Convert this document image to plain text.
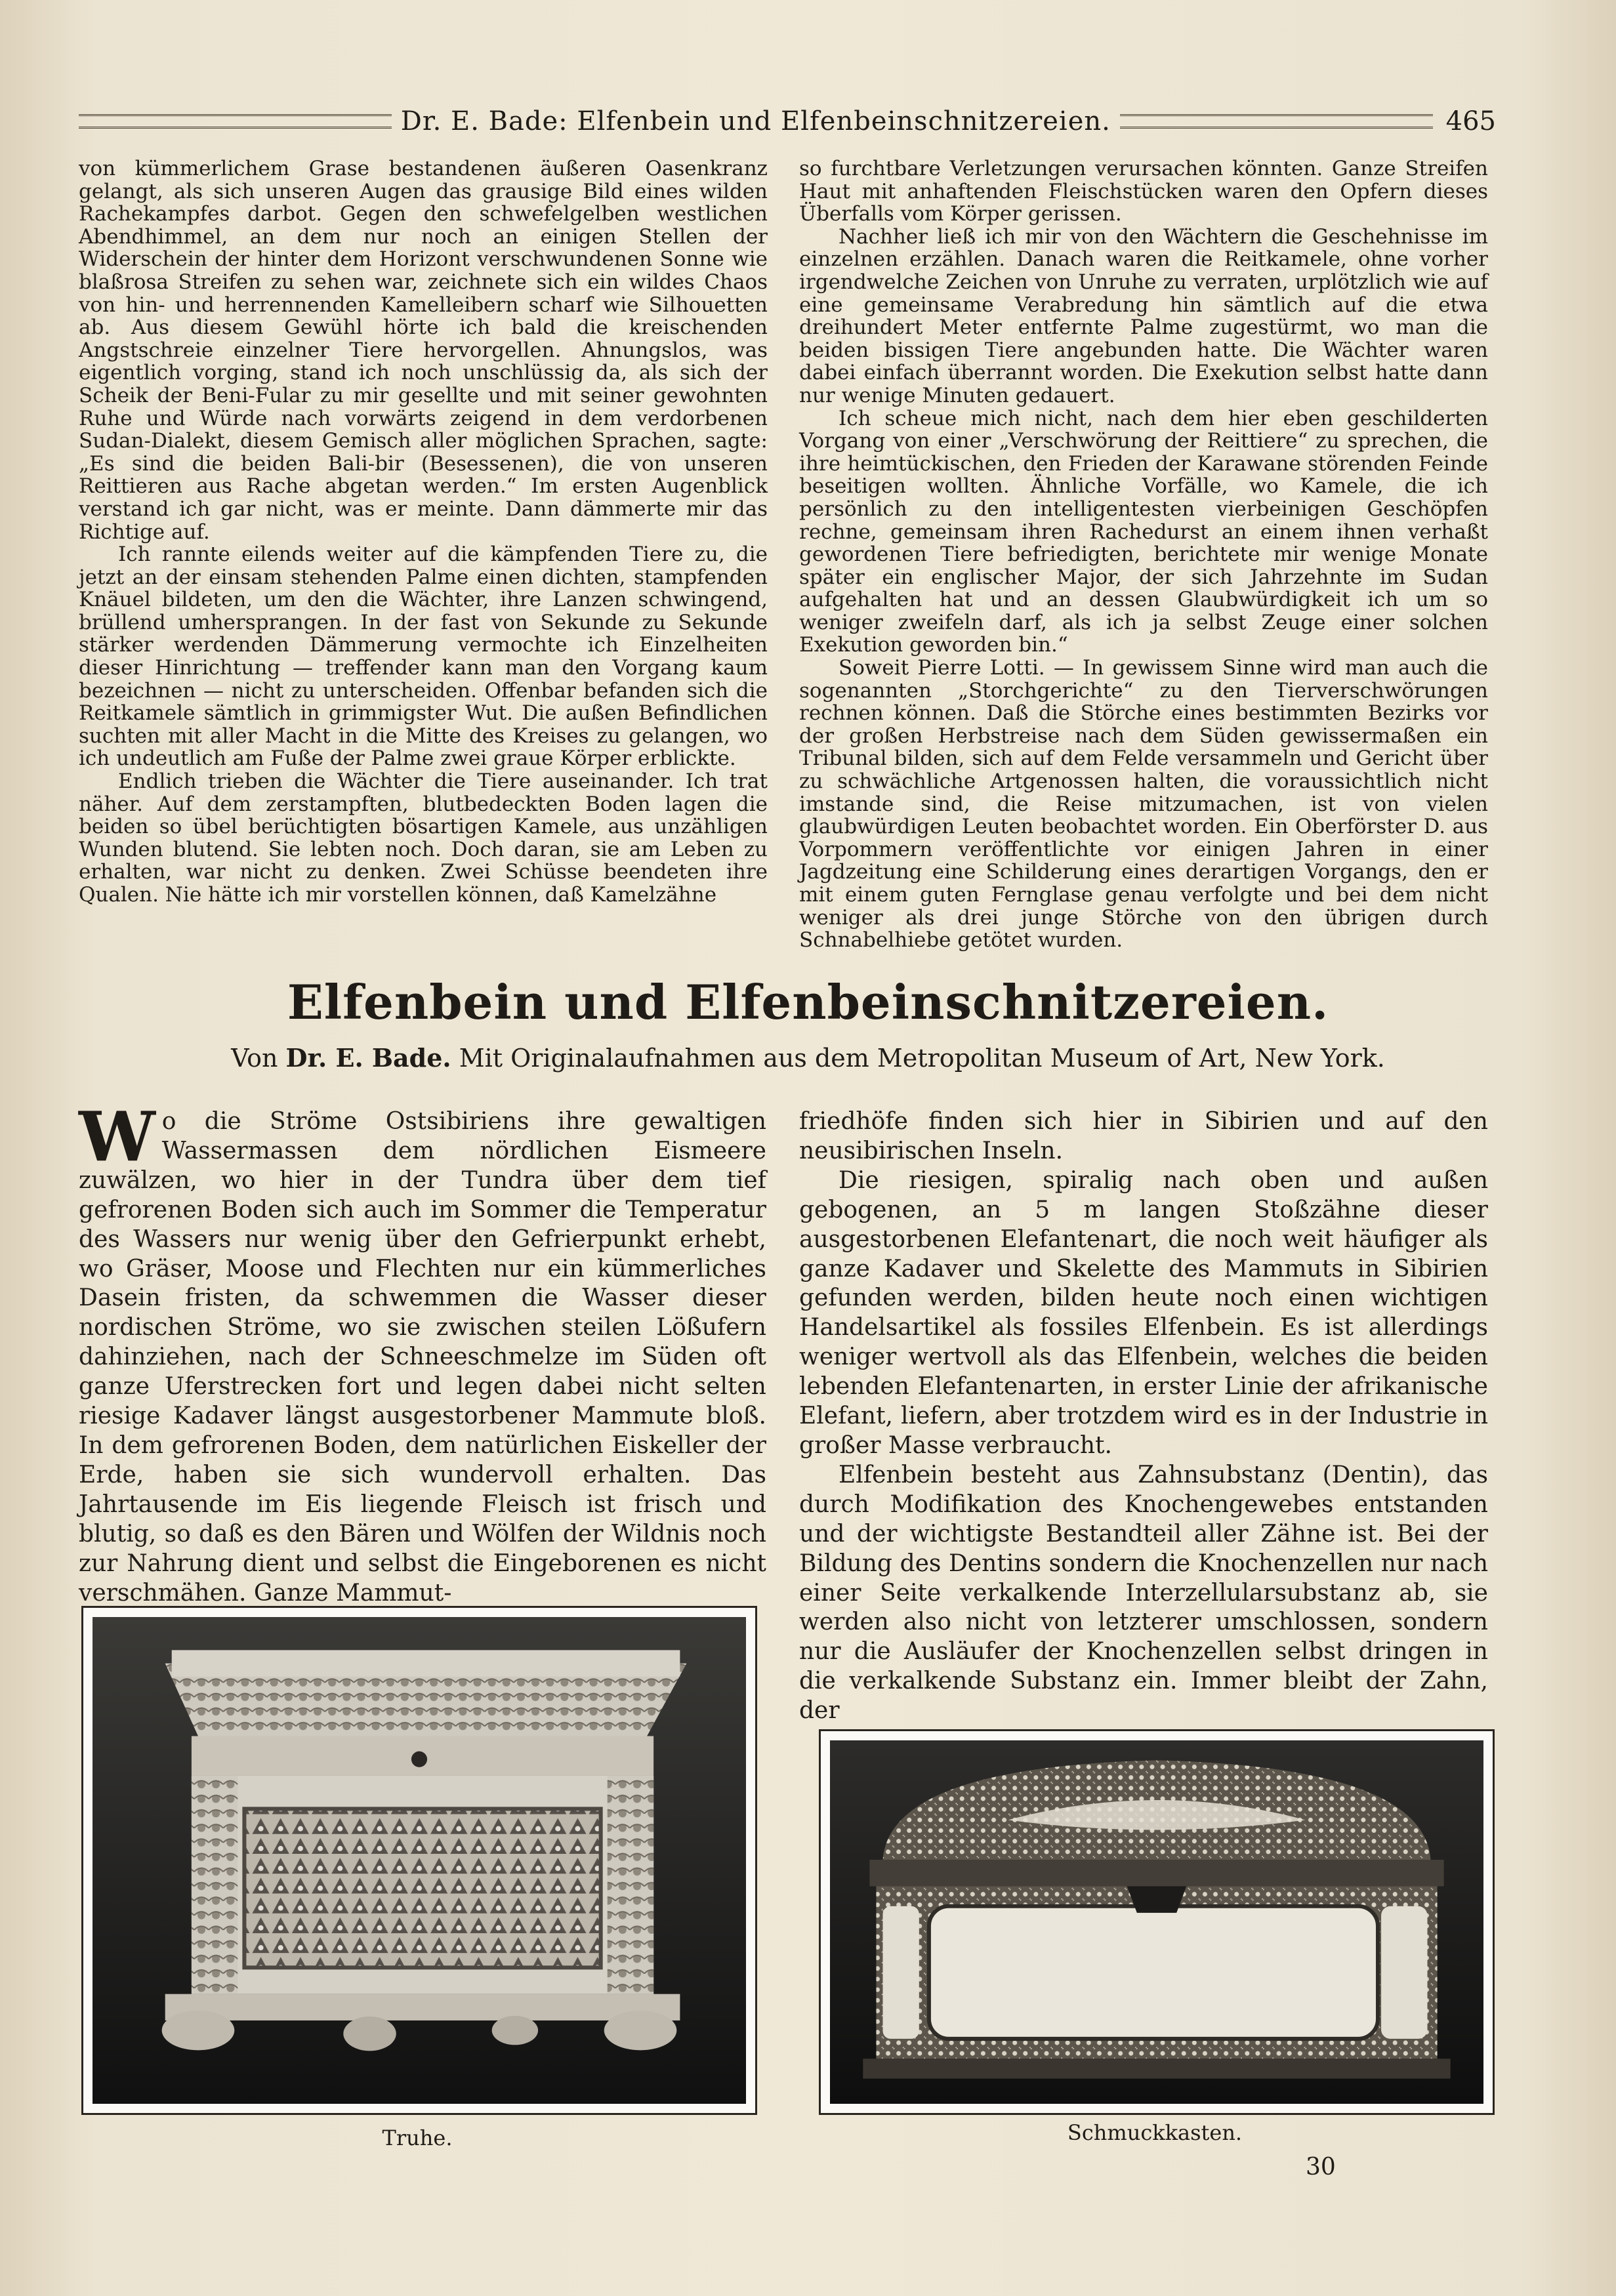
Dr. E. Bade: Elfenbein und Elfenbeinschnitzereien.	465

von kümmerlichem Grase bestandenen äußeren Oasenkranz gelangt, als sich unseren Augen das grausige Bild eines wilden Rachekampfes darbot. Gegen den schwefelgelben westlichen Abendhimmel, an dem nur noch an einigen Stellen der Widerschein der hinter dem Horizont verschwundenen Sonne wie blaßrosa Streifen zu sehen war, zeichnete sich ein wildes Chaos von hin- und herrennenden Kamelleibern scharf wie Silhouetten ab. Aus diesem Gewühl hörte ich bald die kreischenden Angstschreie einzelner Tiere hervorgellen. Ahnungslos, was eigentlich vorging, stand ich noch unschlüssig da, als sich der Scheik der Beni-Fular zu mir gesellte und mit seiner gewohnten Ruhe und Würde nach vorwärts zeigend in dem verdorbenen Sudan-Dialekt, diesem Gemisch aller möglichen Sprachen, sagte: „Es sind die beiden Bali-bir (Besessenen), die von unseren Reittieren aus Rache abgetan werden.“ Im ersten Augenblick verstand ich gar nicht, was er meinte. Dann dämmerte mir das Richtige auf.

Ich rannte eilends weiter auf die kämpfenden Tiere zu, die jetzt an der einsam stehenden Palme einen dichten, stampfenden Knäuel bildeten, um den die Wächter, ihre Lanzen schwingend, brüllend umhersprangen. In der fast von Sekunde zu Sekunde stärker werdenden Dämmerung vermochte ich Einzelheiten dieser Hinrichtung — treffender kann man den Vorgang kaum bezeichnen — nicht zu unterscheiden. Offenbar befanden sich die Reitkamele sämtlich in grimmigster Wut. Die außen Befindlichen suchten mit aller Macht in die Mitte des Kreises zu gelangen, wo ich undeutlich am Fuße der Palme zwei graue Körper erblickte.

Endlich trieben die Wächter die Tiere auseinander. Ich trat näher. Auf dem zerstampften, blutbedeckten Boden lagen die beiden so übel berüchtigten bösartigen Kamele, aus unzähligen Wunden blutend. Sie lebten noch. Doch daran, sie am Leben zu erhalten, war nicht zu denken. Zwei Schüsse beendeten ihre Qualen. Nie hätte ich mir vorstellen können, daß Kamelzähne

so furchtbare Verletzungen verursachen könnten. Ganze Streifen Haut mit anhaftenden Fleischstücken waren den Opfern dieses Überfalls vom Körper gerissen.

Nachher ließ ich mir von den Wächtern die Geschehnisse im einzelnen erzählen. Danach waren die Reitkamele, ohne vorher irgendwelche Zeichen von Unruhe zu verraten, urplötzlich wie auf eine gemeinsame Verabredung hin sämtlich auf die etwa dreihundert Meter entfernte Palme zugestürmt, wo man die beiden bissigen Tiere angebunden hatte. Die Wächter waren dabei einfach überrannt worden. Die Exekution selbst hatte dann nur wenige Minuten gedauert.

Ich scheue mich nicht, nach dem hier eben geschilderten Vorgang von einer „Verschwörung der Reittiere“ zu sprechen, die ihre heimtückischen, den Frieden der Karawane störenden Feinde beseitigen wollten. Ähnliche Vorfälle, wo Kamele, die ich persönlich zu den intelligentesten vierbeinigen Geschöpfen rechne, gemeinsam ihren Rachedurst an einem ihnen verhaßt gewordenen Tiere befriedigten, berichtete mir wenige Monate später ein englischer Major, der sich Jahrzehnte im Sudan aufgehalten hat und an dessen Glaubwürdigkeit ich um so weniger zweifeln darf, als ich ja selbst Zeuge einer solchen Exekution geworden bin.“

Soweit Pierre Lotti. — In gewissem Sinne wird man auch die sogenannten „Storchgerichte“ zu den Tierverschwörungen rechnen können. Daß die Störche eines bestimmten Bezirks vor der großen Herbstreise nach dem Süden gewissermaßen ein Tribunal bilden, sich auf dem Felde versammeln und Gericht über zu schwächliche Artgenossen halten, die voraussichtlich nicht imstande sind, die Reise mitzumachen, ist von vielen glaubwürdigen Leuten beobachtet worden. Ein Oberförster D. aus Vorpommern veröffentlichte vor einigen Jahren in einer Jagdzeitung eine Schilderung eines derartigen Vorgangs, den er mit einem guten Fernglase genau verfolgte und bei dem nicht weniger als drei junge Störche von den übrigen durch Schnabelhiebe getötet wurden.

Elfenbein und Elfenbeinschnitzereien.
Von Dr. E. Bade. Mit Originalaufnahmen aus dem Metropolitan Museum of Art, New York.

Wo die Ströme Ostsibiriens ihre gewaltigen Wassermassen dem nördlichen Eismeere zuwälzen, wo hier in der Tundra über dem tief gefrorenen Boden sich auch im Sommer die Temperatur des Wassers nur wenig über den Gefrierpunkt erhebt, wo Gräser, Moose und Flechten nur ein kümmerliches Dasein fristen, da schwemmen die Wasser dieser nordischen Ströme, wo sie zwischen steilen Lößufern dahinziehen, nach der Schneeschmelze im Süden oft ganze Uferstrecken fort und legen dabei nicht selten riesige Kadaver längst ausgestorbener Mammute bloß. In dem gefrorenen Boden, dem natürlichen Eiskeller der Erde, haben sie sich wundervoll erhalten. Das Jahrtausende im Eis liegende Fleisch ist frisch und blutig, so daß es den Bären und Wölfen der Wildnis noch zur Nahrung dient und selbst die Eingeborenen es nicht verschmähen. Ganze Mammut-

friedhöfe finden sich hier in Sibirien und auf den neusibirischen Inseln.

Die riesigen, spiralig nach oben und außen gebogenen, an 5 m langen Stoßzähne dieser ausgestorbenen Elefantenart, die noch weit häufiger als ganze Kadaver und Skelette des Mammuts in Sibirien gefunden werden, bilden heute noch einen wichtigen Handelsartikel als fossiles Elfenbein. Es ist allerdings weniger wertvoll als das Elfenbein, welches die beiden lebenden Elefantenarten, in erster Linie der afrikanische Elefant, liefern, aber trotzdem wird es in der Industrie in großer Masse verbraucht.

Elfenbein besteht aus Zahnsubstanz (Dentin), das durch Modifikation des Knochengewebes entstanden und der wichtigste Bestandteil aller Zähne ist. Bei der Bildung des Dentins sondern die Knochenzellen nur nach einer Seite verkalkende Interzellularsubstanz ab, sie werden also nicht von letzterer umschlossen, sondern nur die Ausläufer der Knochenzellen selbst dringen in die verkalkende Substanz ein. Immer bleibt der Zahn, der

Truhe.	Schmuckkasten.
30
